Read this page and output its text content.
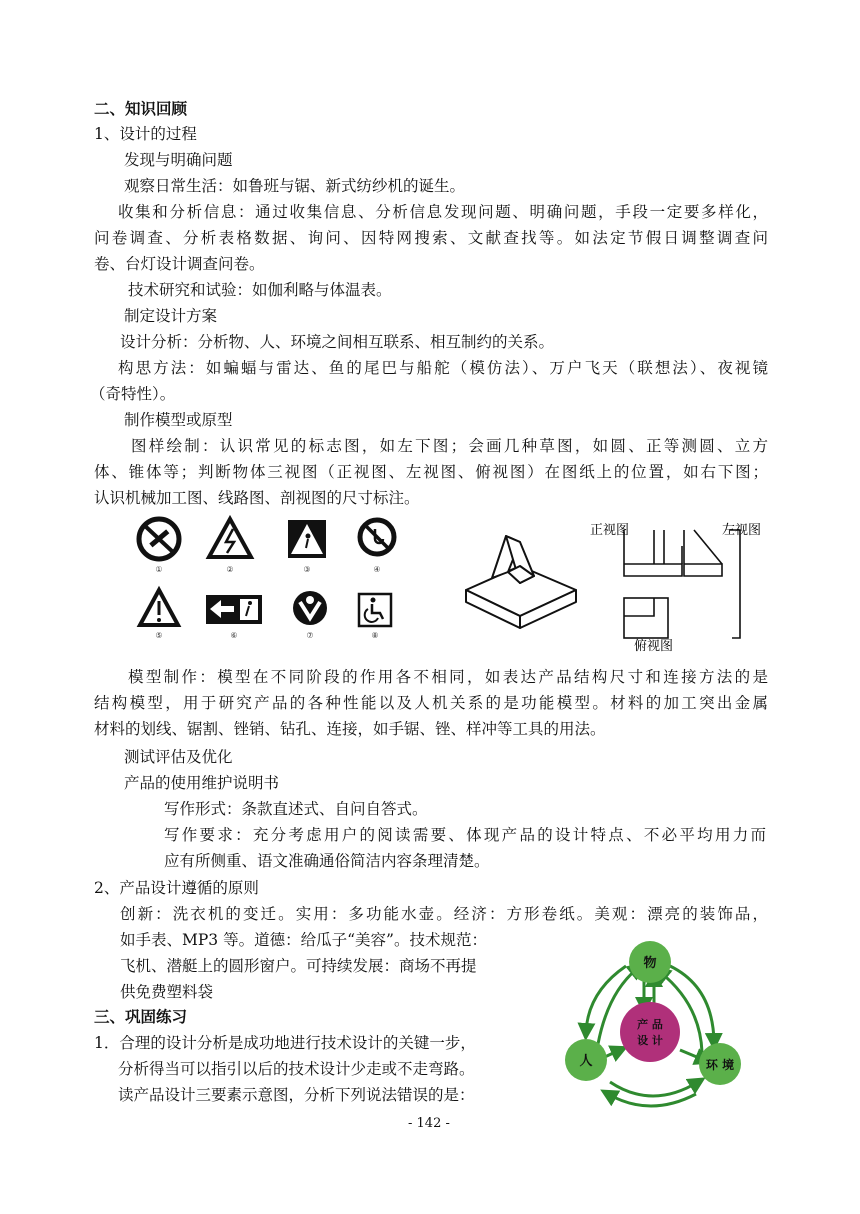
二、知识回顾
1、设计的过程
发现与明确问题
观察日常生活：如鲁班与锯、新式纺纱机的诞生。
收集和分析信息：通过收集信息、分析信息发现问题、明确问题，手段一定要多样化，
问卷调查、分析表格数据、询问、因特网搜索、文献查找等。如法定节假日调整调查问
卷、台灯设计调查问卷。
技术研究和试验：如伽利略与体温表。
制定设计方案
设计分析：分析物、人、环境之间相互联系、相互制约的关系。
构思方法：如蝙蝠与雷达、鱼的尾巴与船舵（模仿法）、万户飞天（联想法）、夜视镜
（奇特性）。
制作模型或原型
图样绘制：认识常见的标志图，如左下图；会画几种草图，如圆、正等测圆、立方
体、锥体等；判断物体三视图（正视图、左视图、俯视图）在图纸上的位置，如右下图；
认识机械加工图、线路图、剖视图的尺寸标注。
①	②	③	④
⑤	⑥	⑦	⑧
正视图	左视图
俯视图
模型制作：模型在不同阶段的作用各不相同，如表达产品结构尺寸和连接方法的是
结构模型，用于研究产品的各种性能以及人机关系的是功能模型。材料的加工突出金属
材料的划线、锯割、锉销、钻孔、连接，如手锯、锉、样冲等工具的用法。
测试评估及优化
产品的使用维护说明书
写作形式：条款直述式、自问自答式。
写作要求：充分考虑用户的阅读需要、体现产品的设计特点、不必平均用力而
应有所侧重、语文准确通俗简洁内容条理清楚。
2、产品设计遵循的原则
创新：洗衣机的变迁。实用：多功能水壶。经济：方形卷纸。美观：漂亮的装饰品，
如手表、MP3 等。道德：给瓜子“美容”。技术规范：
飞机、潜艇上的圆形窗户。可持续发展：商场不再提
供免费塑料袋
三、巩固练习
1．合理的设计分析是成功地进行技术设计的关键一步，
分析得当可以指引以后的技术设计少走或不走弯路。
读产品设计三要素示意图，分析下列说法错误的是：
物
产 品
设 计
人	环 境
- 142 -
